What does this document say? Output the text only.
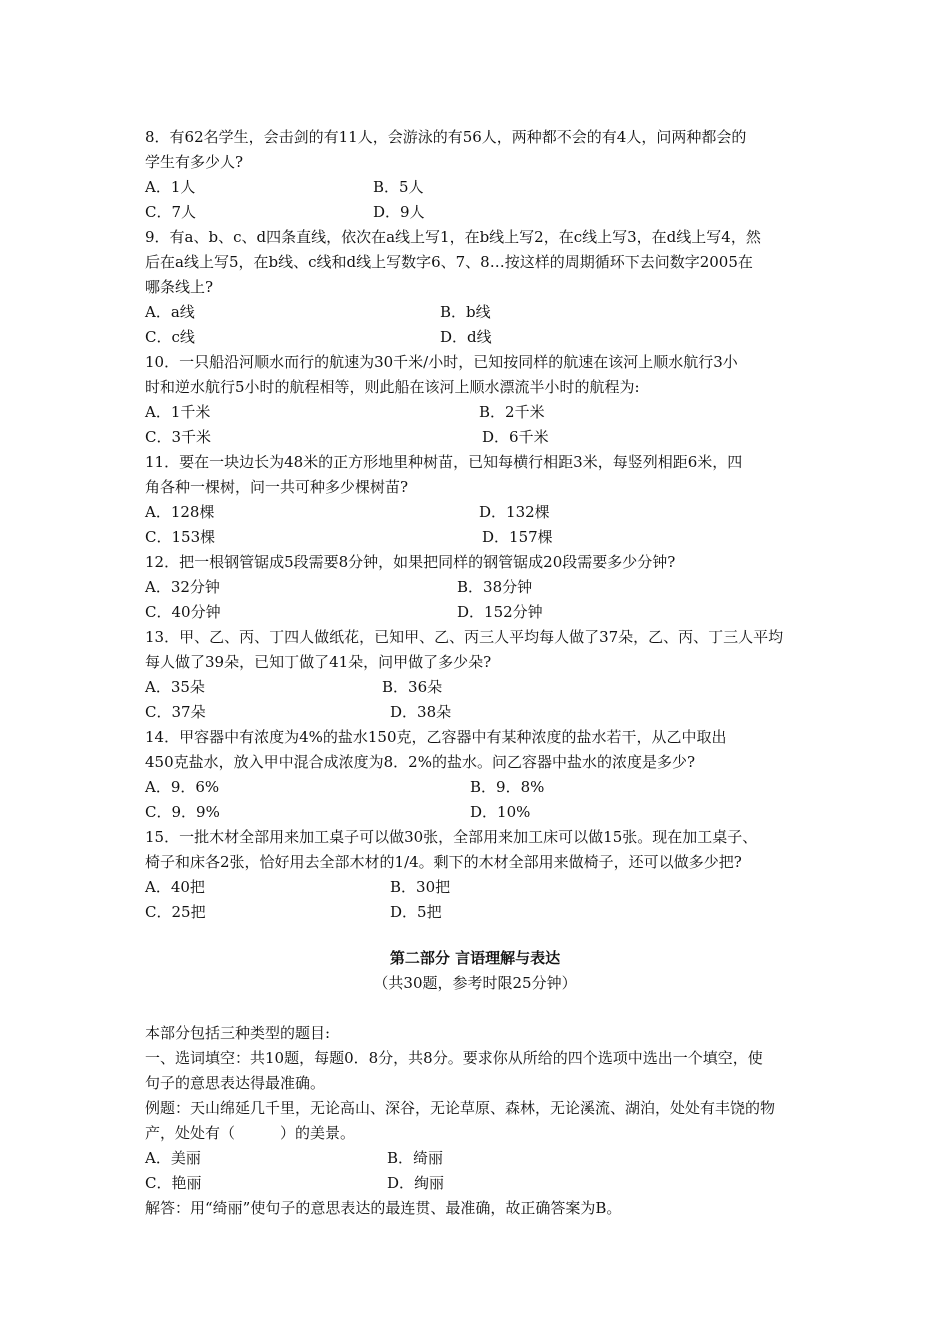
8．有62名学生，会击剑的有11人，会游泳的有56人，两种都不会的有4人，问两种都会的
学生有多少人?
A．1人	B．5人
C．7人	D．9人
9．有a、b、c、d四条直线，依次在a线上写1，在b线上写2，在c线上写3，在d线上写4，然
后在a线上写5，在b线、c线和d线上写数字6、7、8…按这样的周期循环下去问数字2005在
哪条线上?
A．a线	B．b线
C．c线	D．d线
10．一只船沿河顺水而行的航速为30千米/小时，已知按同样的航速在该河上顺水航行3小
时和逆水航行5小时的航程相等，则此船在该河上顺水漂流半小时的航程为:
A．1千米	B．2千米
C．3千米	D．6千米
11．要在一块边长为48米的正方形地里种树苗，已知每横行相距3米，每竖列相距6米，四
角各种一棵树，问一共可种多少棵树苗?
A．128棵	D．132棵
C．153棵	D．157棵
12．把一根钢管锯成5段需要8分钟，如果把同样的钢管锯成20段需要多少分钟?
A．32分钟	B．38分钟
C．40分钟	D．152分钟
13．甲、乙、丙、丁四人做纸花，已知甲、乙、丙三人平均每人做了37朵，乙、丙、丁三人平均
每人做了39朵，已知丁做了41朵，问甲做了多少朵?
A．35朵	B．36朵
C．37朵	D．38朵
14．甲容器中有浓度为4%的盐水150克，乙容器中有某种浓度的盐水若干，从乙中取出
450克盐水，放入甲中混合成浓度为8．2%的盐水。问乙容器中盐水的浓度是多少?
A．9．6%	B．9．8%
C．9．9%	D．10%
15．一批木材全部用来加工桌子可以做30张，全部用来加工床可以做15张。现在加工桌子、
椅子和床各2张，恰好用去全部木材的1/4。剩下的木材全部用来做椅子，还可以做多少把?
A．40把	B．30把
C．25把	D．5把
第二部分 言语理解与表达
（共30题，参考时限25分钟）
本部分包括三种类型的题目:
一、选词填空：共10题，每题0．8分，共8分。要求你从所给的四个选项中选出一个填空，使
句子的意思表达得最准确。
例题：天山绵延几千里，无论高山、深谷，无论草原、森林，无论溪流、湖泊，处处有丰饶的物
产，处处有（　　　）的美景。
A．美丽	B．绮丽
C．艳丽	D．绚丽
解答：用“绮丽”使句子的意思表达的最连贯、最准确，故正确答案为B。
